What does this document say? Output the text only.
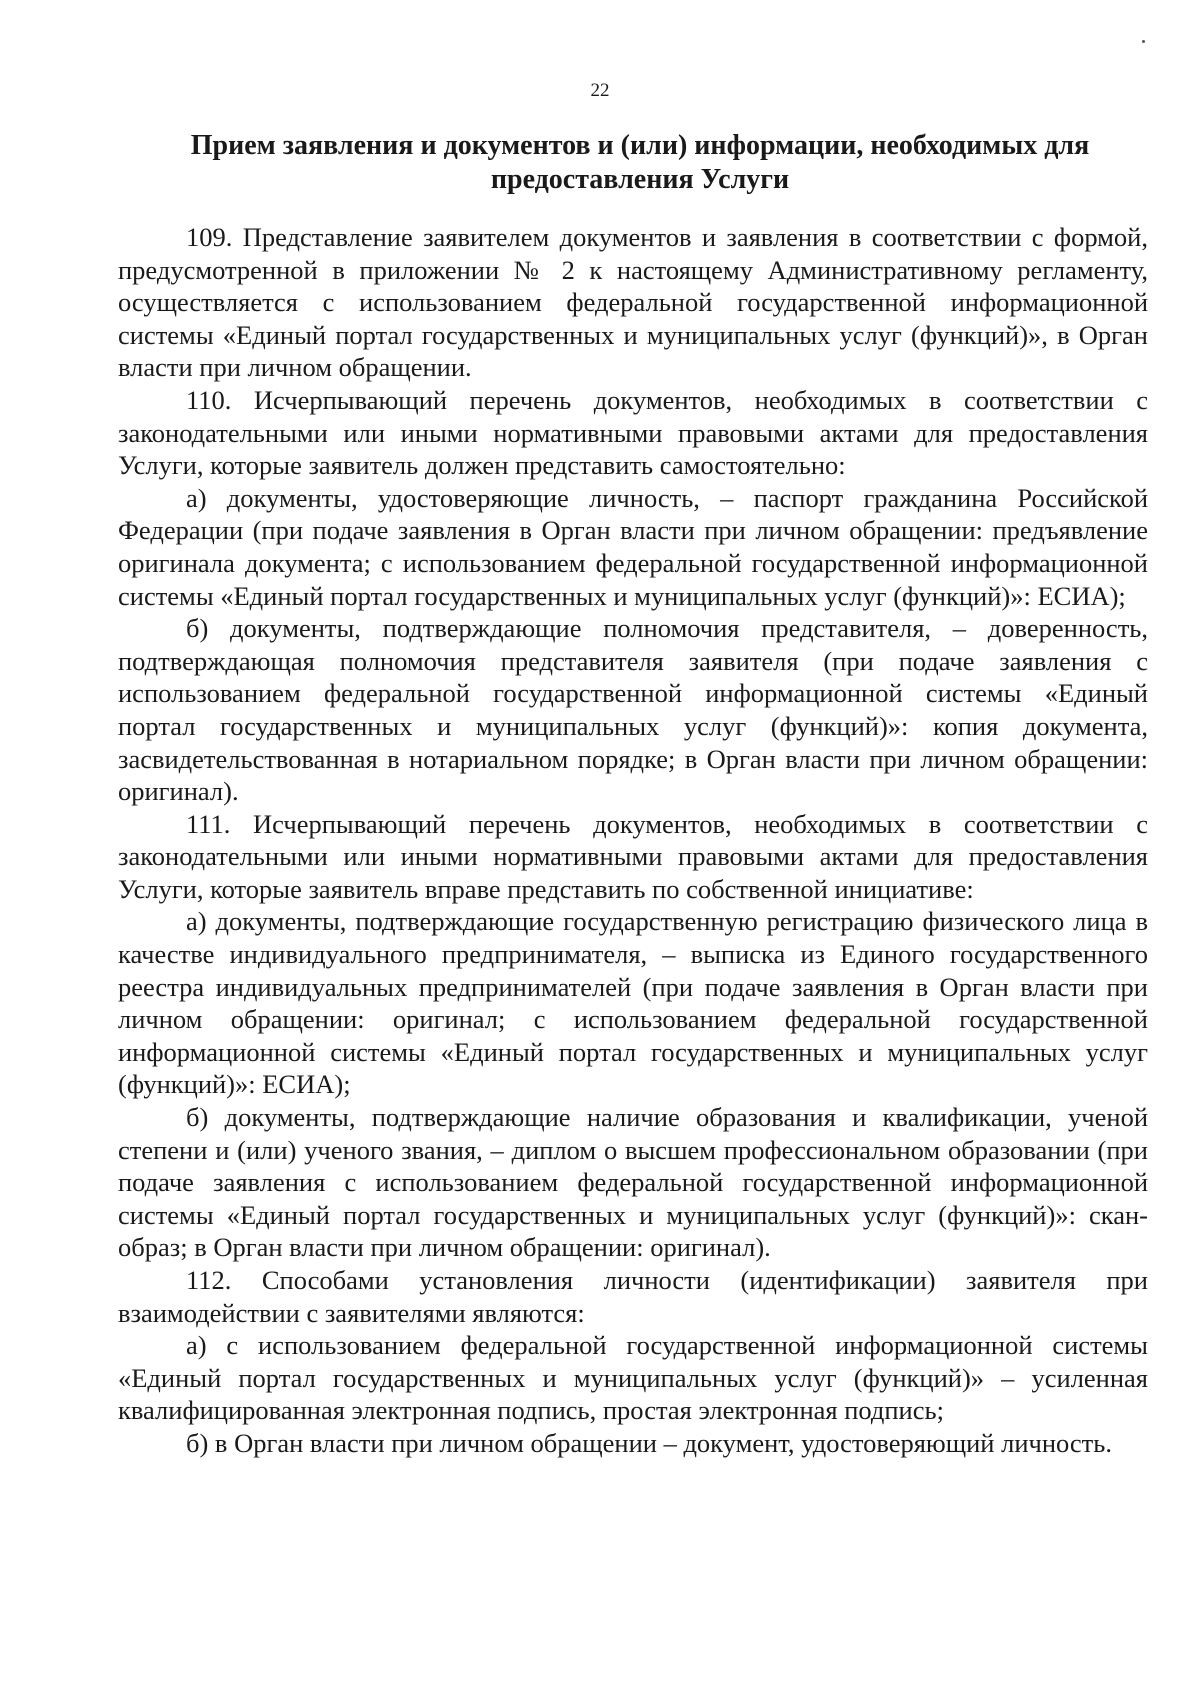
22
Прием заявления и документов и (или) информации, необходимых для предоставления Услуги

109. Представление заявителем документов и заявления в соответствии с формой, предусмотренной в приложении № 2 к настоящему Административному регламенту, осуществляется с использованием федеральной государственной информационной системы «Единый портал государственных и муниципальных услуг (функций)», в Орган власти при личном обращении.

110. Исчерпывающий перечень документов, необходимых в соответствии с законодательными или иными нормативными правовыми актами для предоставления Услуги, которые заявитель должен представить самостоятельно:

а) документы, удостоверяющие личность, – паспорт гражданина Российской Федерации (при подаче заявления в Орган власти при личном обращении: предъявление оригинала документа; с использованием федеральной государственной информационной системы «Единый портал государственных и муниципальных услуг (функций)»: ЕСИА);

б) документы, подтверждающие полномочия представителя, – доверенность, подтверждающая полномочия представителя заявителя (при подаче заявления с использованием федеральной государственной информационной системы «Единый портал государственных и муниципальных услуг (функций)»: копия документа, засвидетельствованная в нотариальном порядке; в Орган власти при личном обращении: оригинал).

111. Исчерпывающий перечень документов, необходимых в соответствии с законодательными или иными нормативными правовыми актами для предоставления Услуги, которые заявитель вправе представить по собственной инициативе:

а) документы, подтверждающие государственную регистрацию физического лица в качестве индивидуального предпринимателя, – выписка из Единого государственного реестра индивидуальных предпринимателей (при подаче заявления в Орган власти при личном обращении: оригинал; с использованием федеральной государственной информационной системы «Единый портал государственных и муниципальных услуг (функций)»: ЕСИА);

б) документы, подтверждающие наличие образования и квалификации, ученой степени и (или) ученого звания, – диплом о высшем профессиональном образовании (при подаче заявления с использованием федеральной государственной информационной системы «Единый портал государственных и муниципальных услуг (функций)»: скан-образ; в Орган власти при личном обращении: оригинал).

112. Способами установления личности (идентификации) заявителя при взаимодействии с заявителями являются:

а) с использованием федеральной государственной информационной системы «Единый портал государственных и муниципальных услуг (функций)» – усиленная квалифицированная электронная подпись, простая электронная подпись;

б) в Орган власти при личном обращении – документ, удостоверяющий личность.
